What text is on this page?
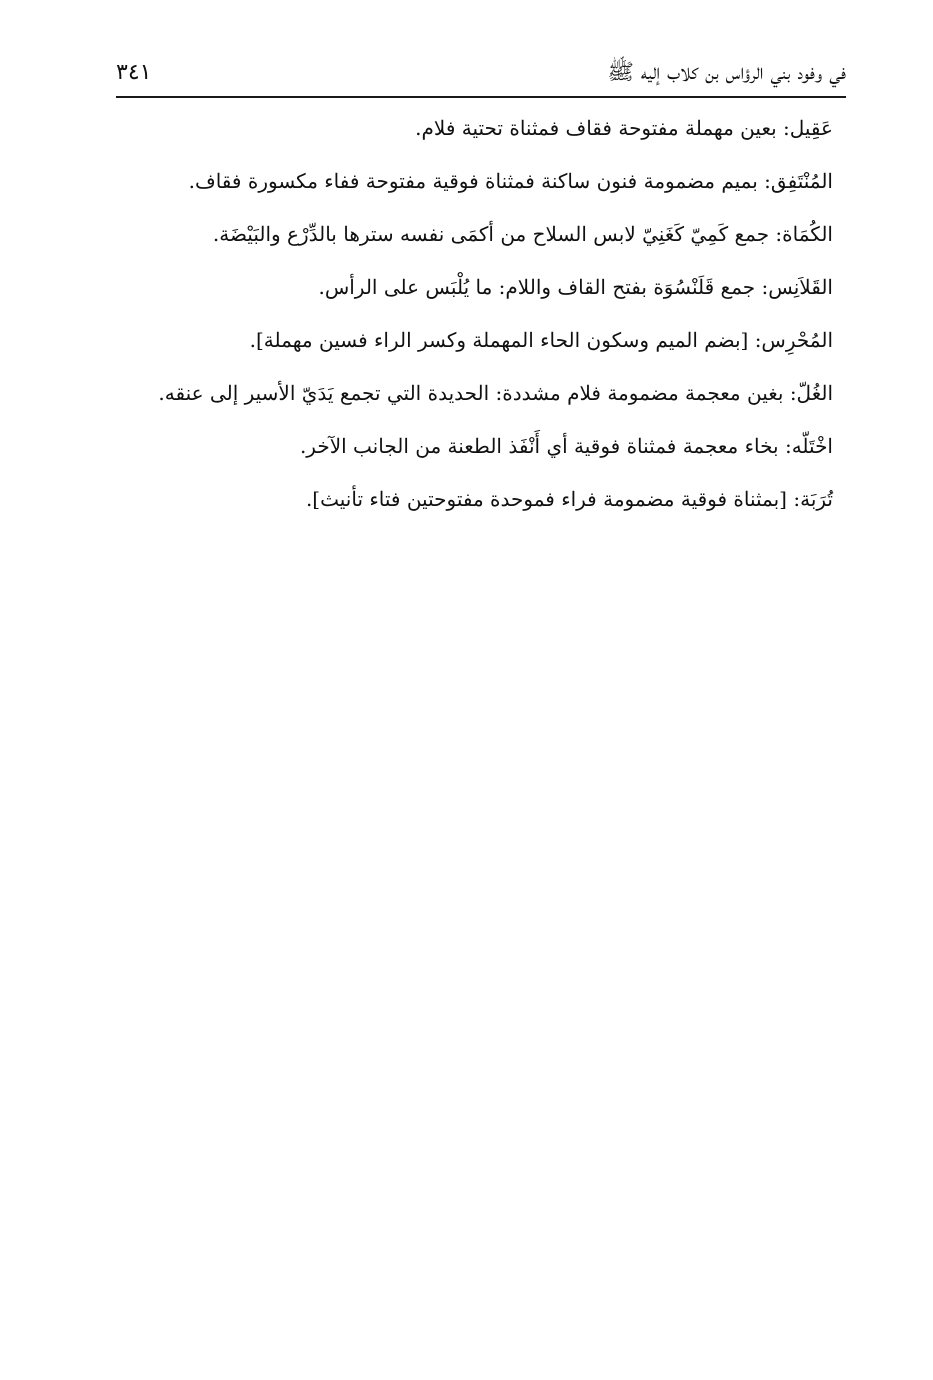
في وفود بني الرؤاس بن كلاب إليه ﷺ
٣٤١
عَقِيل: بعين مهملة مفتوحة فقاف فمثناة تحتية فلام.
المُنْتَفِق: بميم مضمومة فنون ساكنة فمثناة فوقية مفتوحة ففاء مكسورة فقاف.
الكُمَاة: جمع كَمِيّ كَغَنِيّ لابس السلاح من أكمَى نفسه سترها بالدِّرْع والبَيْضَة.
القَلاَنِس: جمع قَلَنْسُوَة بفتح القاف واللام: ما يُلْبَس على الرأس.
المُحْرِس: [بضم الميم وسكون الحاء المهملة وكسر الراء فسين مهملة].
الغُلّ: بغين معجمة مضمومة فلام مشددة: الحديدة التي تجمع يَدَيّ الأسير إلى عنقه.
اخْتَلّه: بخاء معجمة فمثناة فوقية أي أَنْفَذ الطعنة من الجانب الآخر.
تُرَبَة: [بمثناة فوقية مضمومة فراء فموحدة مفتوحتين فتاء تأنيث].
